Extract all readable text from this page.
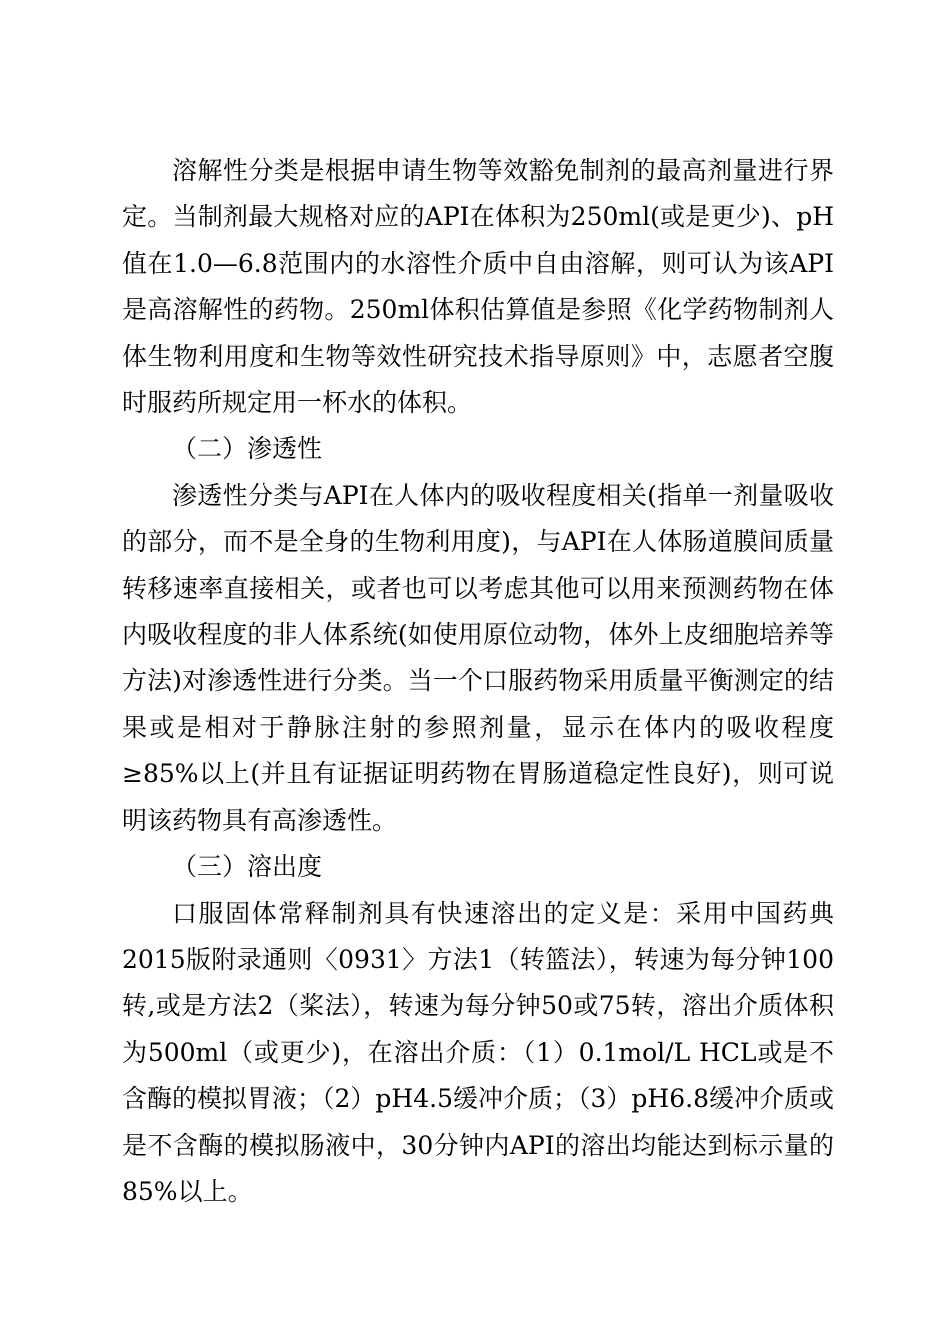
溶解性分类是根据申请生物等效豁免制剂的最高剂量进行界定。当制剂最大规格对应的API在体积为250ml(或是更少)、pH值在1.0—6.8范围内的水溶性介质中自由溶解，则可认为该API是高溶解性的药物。250ml体积估算值是参照《化学药物制剂人体生物利用度和生物等效性研究技术指导原则》中，志愿者空腹时服药所规定用一杯水的体积。

（二）渗透性

渗透性分类与API在人体内的吸收程度相关(指单一剂量吸收的部分，而不是全身的生物利用度)，与API在人体肠道膜间质量转移速率直接相关，或者也可以考虑其他可以用来预测药物在体内吸收程度的非人体系统(如使用原位动物，体外上皮细胞培养等方法)对渗透性进行分类。当一个口服药物采用质量平衡测定的结果或是相对于静脉注射的参照剂量，显示在体内的吸收程度≥85%以上(并且有证据证明药物在胃肠道稳定性良好)，则可说明该药物具有高渗透性。

（三）溶出度

口服固体常释制剂具有快速溶出的定义是：采用中国药典2015版附录通则〈0931〉方法1（转篮法），转速为每分钟100转,或是方法2（桨法），转速为每分钟50或75转，溶出介质体积为500ml（或更少)，在溶出介质：（1）0.1mol/L HCL或是不含酶的模拟胃液；（2）pH4.5缓冲介质；（3）pH6.8缓冲介质或是不含酶的模拟肠液中，30分钟内API的溶出均能达到标示量的85%以上。
